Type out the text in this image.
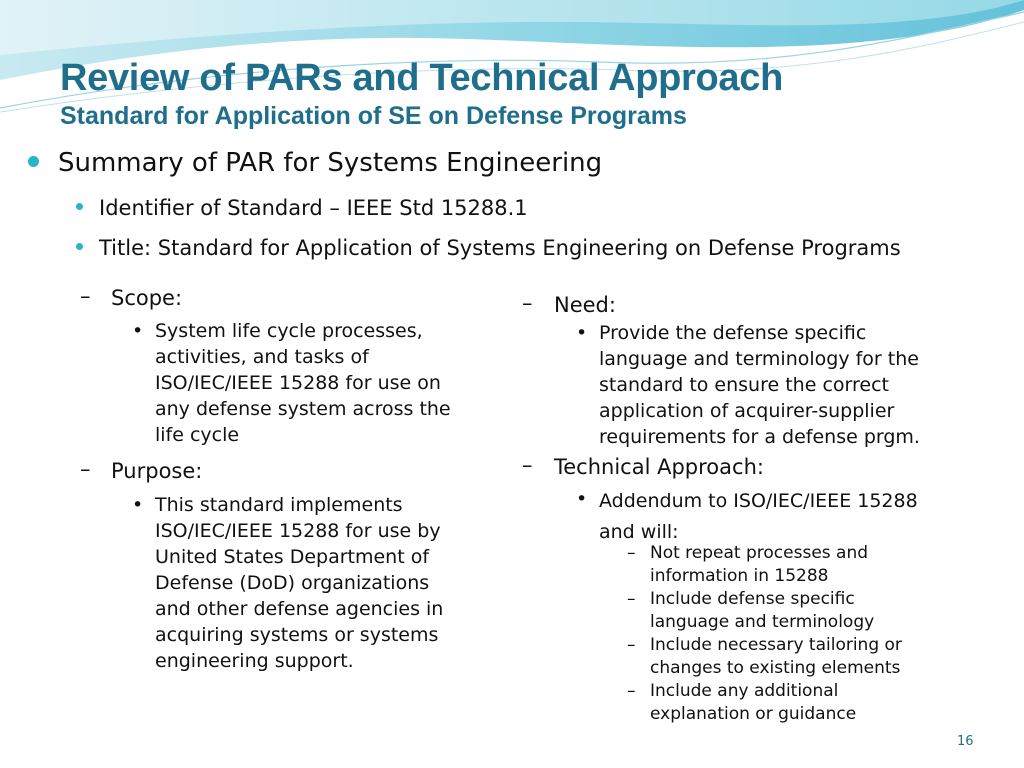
Review of PARs and Technical Approach
Standard for Application of SE on Defense Programs
Summary of PAR for Systems Engineering
Identifier of Standard – IEEE Std 15288.1
Title: Standard for Application of Systems Engineering on Defense Programs
– Scope:
• System life cycle processes,
activities, and tasks of
ISO/IEC/IEEE 15288 for use on
any defense system across the
life cycle
– Purpose:
• This standard implements
ISO/IEC/IEEE 15288 for use by
United States Department of
Defense (DoD) organizations
and other defense agencies in
acquiring systems or systems
engineering support.
– Need:
• Provide the defense specific
language and terminology for the
standard to ensure the correct
application of acquirer-supplier
requirements for a defense prgm.
– Technical Approach:
• Addendum to ISO/IEC/IEEE 15288
and will:
– Not repeat processes and
information in 15288
– Include defense specific
language and terminology
– Include necessary tailoring or
changes to existing elements
– Include any additional
explanation or guidance
16
